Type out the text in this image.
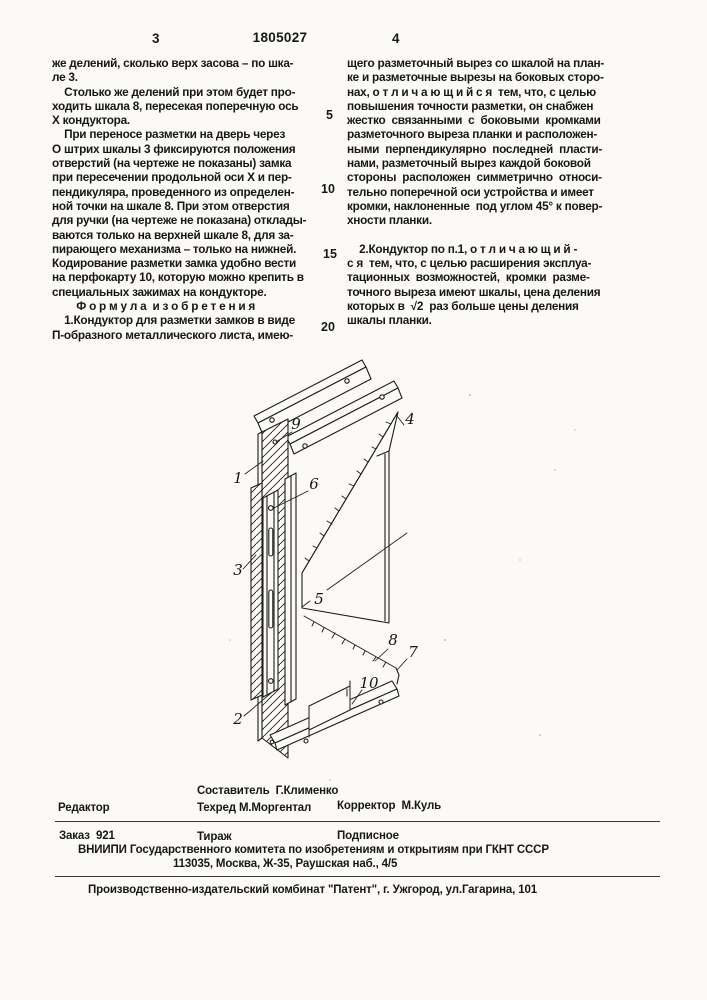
3	1805027	4
же делений, сколько верх засова – по шка-
ле 3.
Столько же делений при этом будет про-
ходить шкала 8, пересекая поперечную ось
Х кондуктора.
При переносе разметки на дверь через
О штрих шкалы 3 фиксируются положения
отверстий (на чертеже не показаны) замка
при пересечении продольной оси Х и пер-
пендикуляра, проведенного из определен-
ной точки на шкале 8. При этом отверстия
для ручки (на чертеже не показана) отклады-
ваются только на верхней шкале 8, для за-
пирающего механизма – только на нижней.
Кодирование разметки замка удобно вести
на перфокарту 10, которую можно крепить в
специальных зажимах на кондукторе.
Ф о р м у л а  и з о б р е т е н и я
1.Кондуктор для разметки замков в виде
П-образного металлического листа, имею-
щего разметочный вырез со шкалой на план-
ке и разметочные вырезы на боковых сторо-
нах, о т л и ч а ю щ и й с я  тем, что, с целью
повышения точности разметки, он снабжен
жестко  связанными  с  боковыми  кромками
разметочного выреза планки и расположен-
ными  перпендикулярно  последней  пласти-
нами, разметочный вырез каждой боковой
стороны  расположен  симметрично  относи-
тельно поперечной оси устройства и имеет
кромки, наклоненные  под углом 45° к повер-
хности планки.

2.Кондуктор по п.1, о т л и ч а ю щ и й -
с я  тем, что, с целью расширения эксплуа-
тационных  возможностей,  кромки  разме-
точного выреза имеют шкалы, цена деления
которых в  √2  раз больше цены деления
шкалы планки.
5
10
15
20
1
9	4
6
3
5
8
7
2
10
Составитель  Г.Клименко
Редактор	Техред М.Моргентал Корректор  М.Куль
Заказ  921	Тираж	Подписное
ВНИИПИ Государственного комитета по изобретениям и открытиям при ГКНТ СССР
113035, Москва, Ж-35, Раушская наб., 4/5
Производственно-издательский комбинат "Патент", г. Ужгород, ул.Гагарина, 101
